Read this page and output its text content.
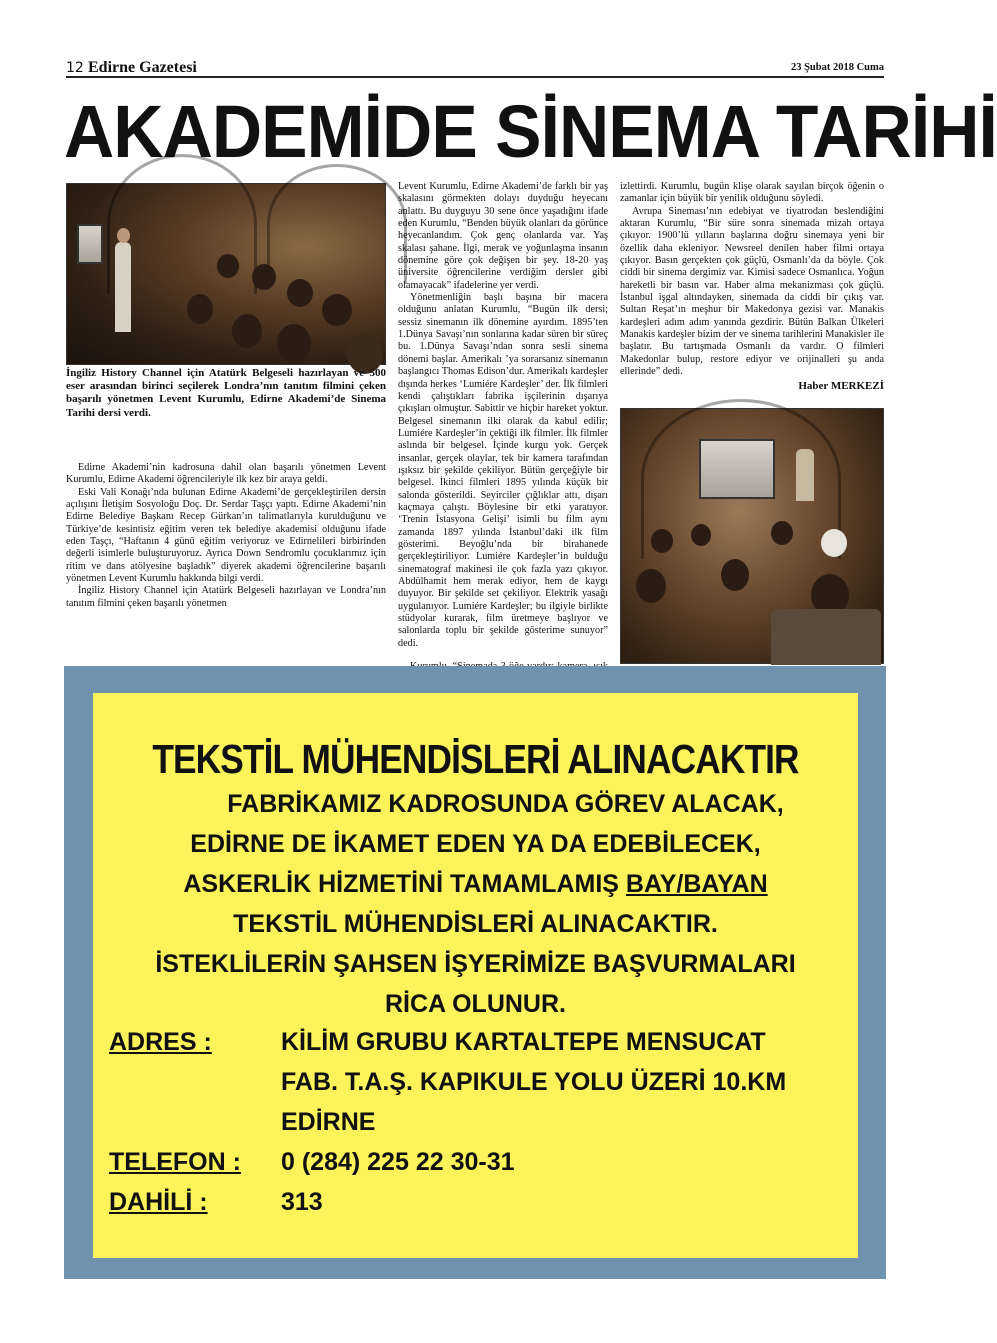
12 Edirne Gazetesi	23 Şubat 2018 Cuma
AKADEMİDE SİNEMA TARİHİ
İngiliz History Channel için Atatürk Belgeseli hazırlayan ve 500 eser arasından birinci seçilerek Londra’nın tanıtım filmini çeken başarılı yönetmen Levent Kurumlu, Edirne Akademi’de Sinema Tarihi dersi verdi.

Edirne Akademi’nin kadrosuna dahil olan başarılı yönetmen Levent Kurumlu, Edirne Akademi öğrencileriyle ilk kez bir araya geldi.

Eski Vali Konağı’nda bulunan Edirne Akademi’de gerçekleştirilen dersin açılışını İletişim Sosyoloğu Doç. Dr. Serdar Taşçı yaptı. Edirne Akademi’nin Edirne Belediye Başkanı Recep Gürkan’ın talimatlarıyla kurulduğunu ve Türkiye’de kesintisiz eğitim veren tek belediye akademisi olduğunu ifade eden Taşçı, “Haftanın 4 günü eğitim veriyoruz ve Edirnelileri birbirinden değerli isimlerle buluşturuyoruz. Ayrıca Down Sendromlu çocuklarımız için ritim ve dans atölyesine başladık” diyerek akademi öğrencilerine başarılı yönetmen Levent Kurumlu hakkında bilgi verdi.

İngiliz History Channel için Atatürk Belgeseli hazırlayan ve Londra’nın tanıtım filmini çeken başarılı yönetmen

Levent Kurumlu, Edirne Akademi’de farklı bir yaş skalasını görmekten dolayı duyduğu heyecanı anlattı. Bu duyguyu 30 sene önce yaşadığını ifade eden Kurumlu, “Benden büyük olanları da görünce heyecanlandım. Çok genç olanlarda var. Yaş skalası şahane. İlgi, merak ve yoğunlaşma insanın dönemine göre çok değişen bir şey. 18-20 yaş üniversite öğrencilerine verdiğim dersler gibi olamayacak” ifadelerine yer verdi.

Yönetmenliğin başlı başına bir macera olduğunu anlatan Kurumlu, “Bugün ilk dersi; sessiz sinemanın ilk dönemine ayırdım. 1895’ten 1.Dünya Savaşı’nın sonlarına kadar süren bir süreç bu. 1.Dünya Savaşı’ndan sonra sesli sinema dönemi başlar. Amerikalı ’ya sorarsanız sinemanın başlangıcı Thomas Edison’dur. Amerikalı kardeşler dışında herkes ‘Lumiére Kardeşler’ der. İlk filmleri kendi çalıştıkları fabrika işçilerinin dışarıya çıkışları olmuştur. Sabittir ve hiçbir hareket yoktur. Belgesel sinemanın ilki olarak da kabul edilir; Lumiére Kardeşler’in çektiği ilk filmler. İlk filmler aslında bir belgesel. İçinde kurgu yok. Gerçek insanlar, gerçek olaylar, tek bir kamera tarafından ışıksız bir şekilde çekiliyor. Bütün gerçeğiyle bir belgesel. İkinci filmleri 1895 yılında küçük bir salonda gösterildi. Seyirciler çığlıklar attı, dışarı kaçmaya çalıştı. Böylesine bir etki yaratıyor. ‘Trenin İstasyona Gelişi’ isimli bu film aynı zamanda 1897 yılında İstanbul’daki ilk film gösterimi. Beyoğlu’nda bir birahanede gerçekleştiriliyor. Lumiére Kardeşler’in bulduğu sinematograf makinesi ile çok fazla yazı çıkıyor. Abdülhamit hem merak ediyor, hem de kaygı duyuyor. Bir şekilde set çekiliyor. Elektrik yasağı uygulanıyor. Lumiére Kardeşler; bu ilgiyle birlikte stüdyolar kurarak, film üretmeye başlıyor ve salonlarda toplu bir şekilde gösterime sunuyor” dedi.

izlettirdi. Kurumlu, bugün klişe olarak sayılan birçok öğenin o zamanlar için büyük bir yenilik olduğunu söyledi.

Avrupa Sineması’nın edebiyat ve tiyatrodan beslendiğini aktaran Kurumlu, “Bir süre sonra sinemada mizah ortaya çıkıyor. 1900’lü yılların başlarına doğru sinemaya yeni bir özellik daha ekleniyor. Newsreel denilen haber filmi ortaya çıkıyor. Basın gerçekten çok güçlü, Osmanlı’da da böyle. Çok ciddi bir sinema dergimiz var. Kimisi sadece Osmanlıca. Yoğun hareketli bir basın var. Haber alma mekanizması çok güçlü. İstanbul işgal altındayken, sinemada da ciddi bir çıkış var. Sultan Reşat’ın meşhur bir Makedonya gezisi var. Manakis kardeşleri adım adım yanında gezdirir. Bütün Balkan Ülkeleri Manakis kardeşler bizim der ve sinema tarihlerini Manakisler ile başlatır. Bu tartışmada Osmanlı da vardır. O filmleri Makedonlar bulup, restore ediyor ve orijinalleri şu anda ellerinde” dedi.

Haber MERKEZİ

TEKSTİL MÜHENDİSLERİ ALINACAKTIR
FABRİKAMIZ KADROSUNDA GÖREV ALACAK,
EDİRNE DE İKAMET EDEN YA DA EDEBİLECEK,
ASKERLİK HİZMETİNİ TAMAMLAMIŞ BAY/BAYAN
TEKSTİL MÜHENDİSLERİ ALINACAKTIR.
İSTEKLİLERİN ŞAHSEN İŞYERİMİZE BAŞVURMALARI
RİCA OLUNUR.
ADRES :	KİLİM GRUBU KARTALTEPE MENSUCAT
FAB. T.A.Ş. KAPIKULE YOLU ÜZERİ 10.KM
EDİRNE
TELEFON : 0 (284) 225 22 30-31
DAHİLİ :	313
